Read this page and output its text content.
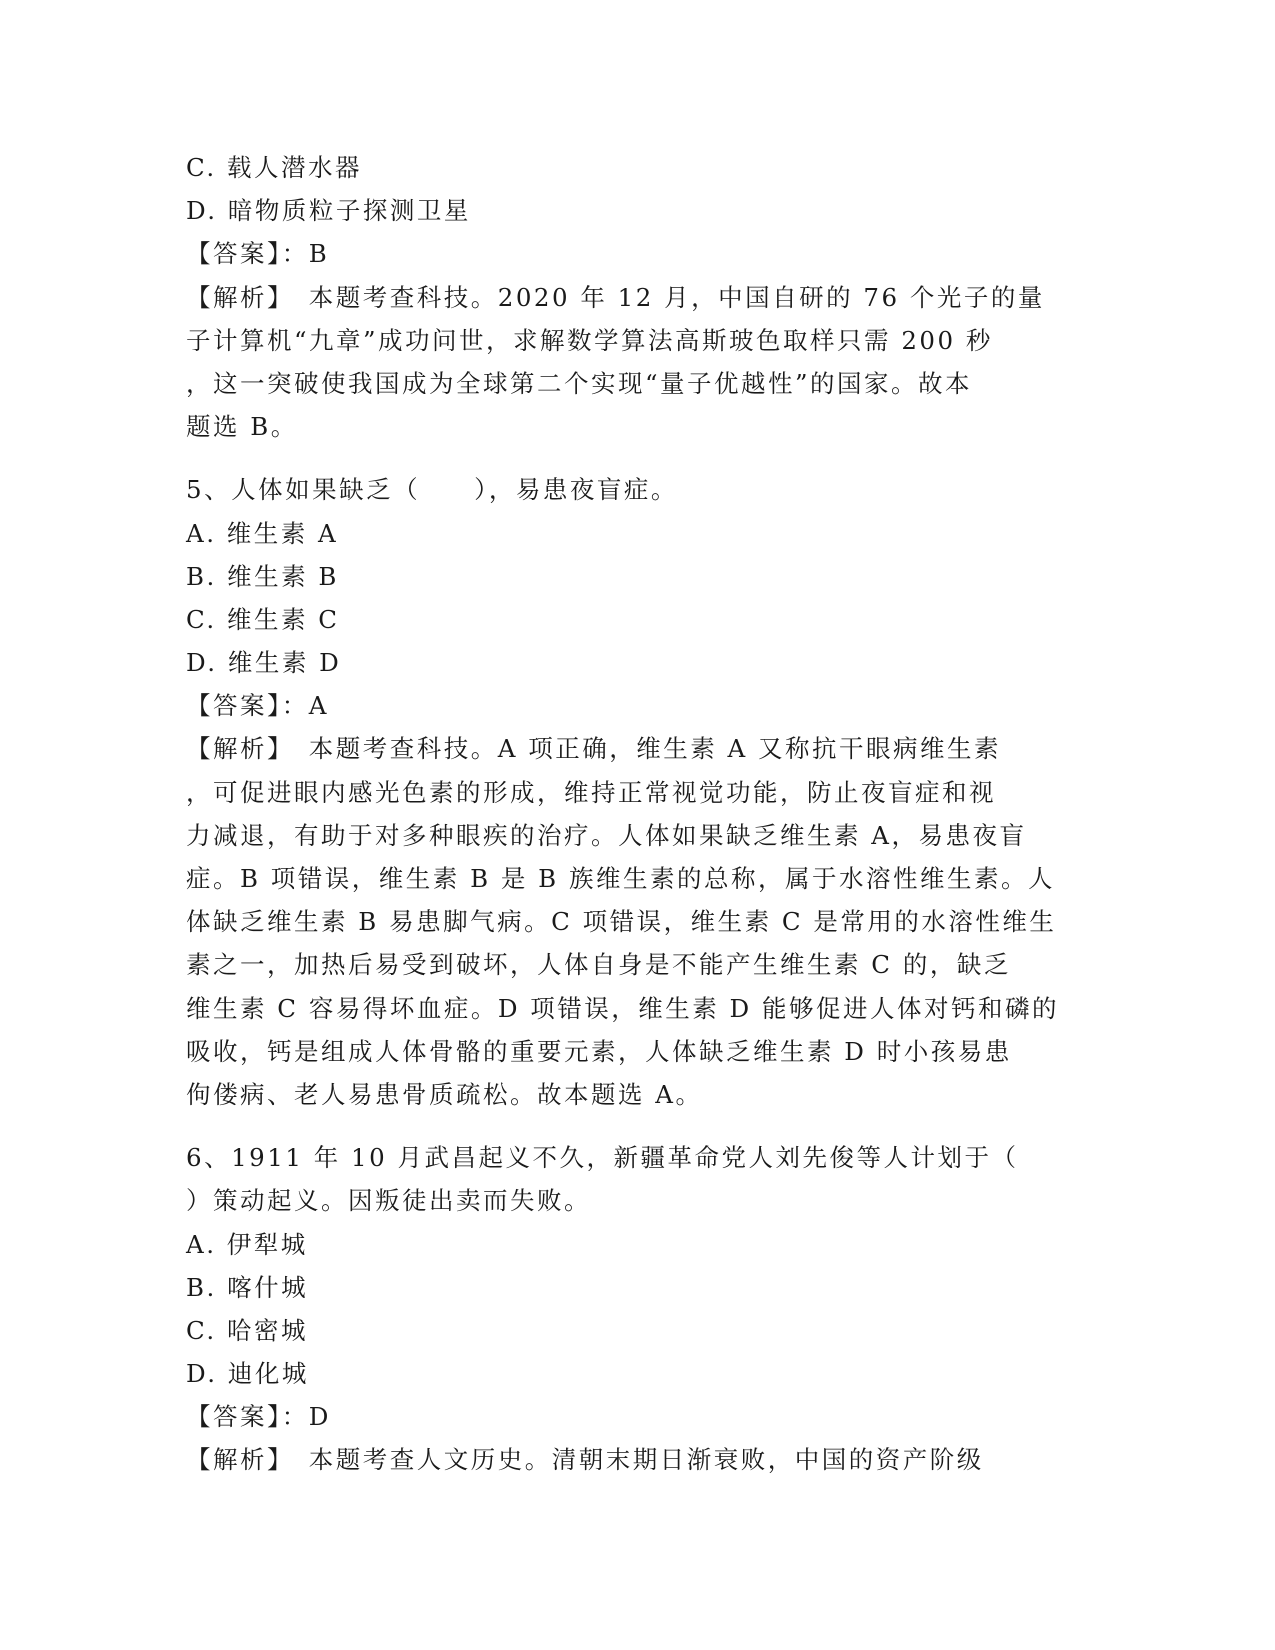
C. 载人潜水器
D. 暗物质粒子探测卫星
【答案】：B
【解析】　本题考查科技。2020 年 12 月，中国自研的 76 个光子的量
子计算机“九章”成功问世，求解数学算法高斯玻色取样只需 200 秒
，这一突破使我国成为全球第二个实现“量子优越性”的国家。故本
题选 B。
5、人体如果缺乏（　　），易患夜盲症。
A. 维生素 A
B. 维生素 B
C. 维生素 C
D. 维生素 D
【答案】：A
【解析】　本题考查科技。A 项正确，维生素 A 又称抗干眼病维生素
，可促进眼内感光色素的形成，维持正常视觉功能，防止夜盲症和视
力减退，有助于对多种眼疾的治疗。人体如果缺乏维生素 A，易患夜盲
症。B 项错误，维生素 B 是 B 族维生素的总称，属于水溶性维生素。人
体缺乏维生素 B 易患脚气病。C 项错误，维生素 C 是常用的水溶性维生
素之一，加热后易受到破坏，人体自身是不能产生维生素 C 的，缺乏
维生素 C 容易得坏血症。D 项错误，维生素 D 能够促进人体对钙和磷的
吸收，钙是组成人体骨骼的重要元素，人体缺乏维生素 D 时小孩易患
佝偻病、老人易患骨质疏松。故本题选 A。
6、1911 年 10 月武昌起义不久，新疆革命党人刘先俊等人计划于（
）策动起义。因叛徒出卖而失败。
A. 伊犁城
B. 喀什城
C. 哈密城
D. 迪化城
【答案】：D
【解析】　本题考查人文历史。清朝末期日渐衰败，中国的资产阶级
